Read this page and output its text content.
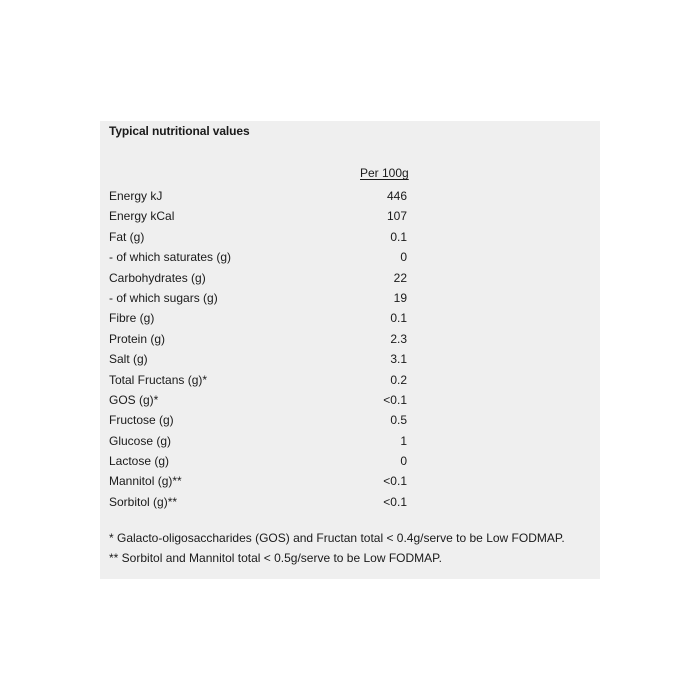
Typical nutritional values
Per 100g
Energy kJ	446
Energy kCal	107
Fat (g)	0.1
- of which saturates (g)	0
Carbohydrates (g)	22
- of which sugars (g)	19
Fibre (g)	0.1
Protein (g)	2.3
Salt (g)	3.1
Total Fructans (g)*	0.2
GOS (g)*	<0.1
Fructose (g)	0.5
Glucose (g)	1
Lactose (g)	0
Mannitol (g)**	<0.1
Sorbitol (g)**	<0.1
* Galacto-oligosaccharides (GOS) and Fructan total < 0.4g/serve to be Low FODMAP.
** Sorbitol and Mannitol total < 0.5g/serve to be Low FODMAP.
